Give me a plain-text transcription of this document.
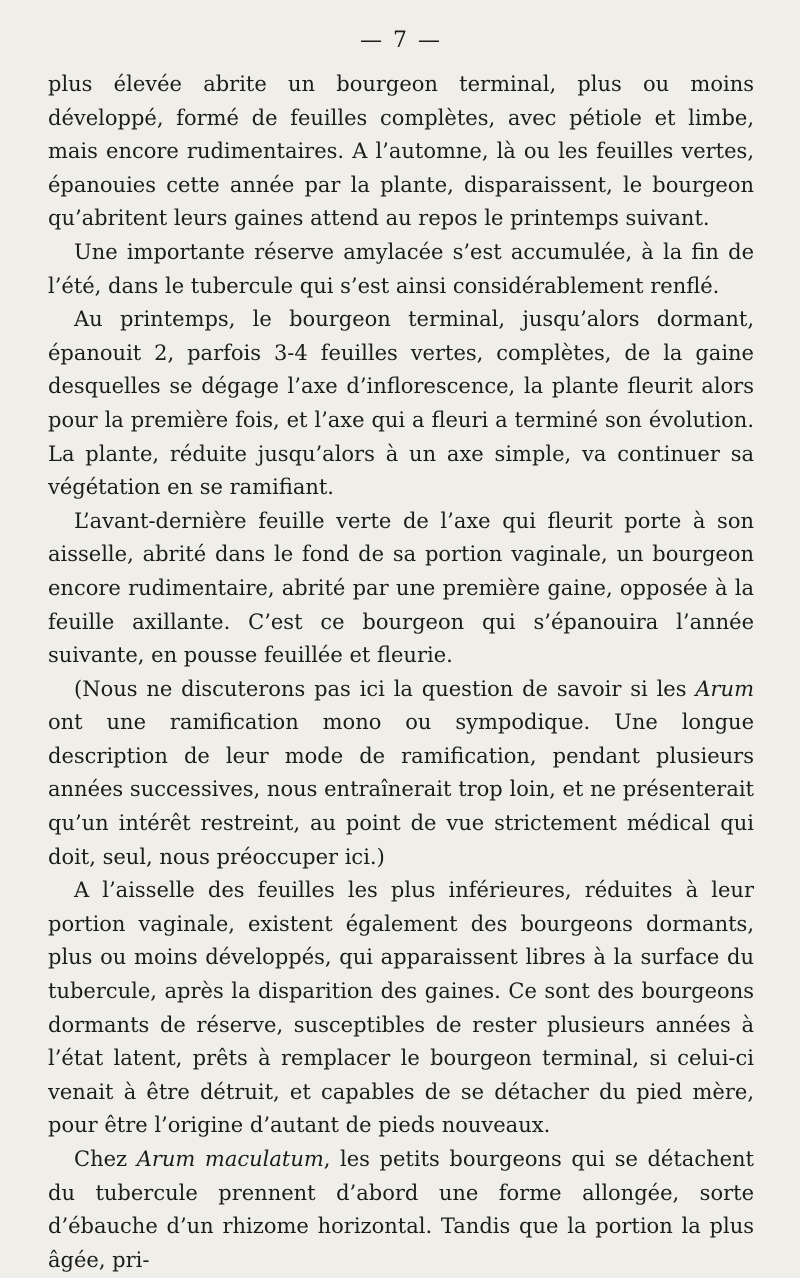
— 7 —

plus élevée abrite un bourgeon terminal, plus ou moins développé, formé de feuilles complètes, avec pétiole et limbe, mais encore rudimentaires. A l’automne, là ou les feuilles vertes, épanouies cette année par la plante, disparaissent, le bourgeon qu’abritent leurs gaines attend au repos le printemps suivant.

Une importante réserve amylacée s’est accumulée, à la fin de l’été, dans le tubercule qui s’est ainsi considérablement renflé.

Au printemps, le bourgeon terminal, jusqu’alors dormant, épanouit 2, parfois 3-4 feuilles vertes, complètes, de la gaine desquelles se dégage l’axe d’inflorescence, la plante fleurit alors pour la première fois, et l’axe qui a fleuri a terminé son évolution. La plante, réduite jusqu’alors à un axe simple, va continuer sa végétation en se ramifiant.

L’avant-dernière feuille verte de l’axe qui fleurit porte à son aisselle, abrité dans le fond de sa portion vaginale, un bourgeon encore rudimentaire, abrité par une première gaine, opposée à la feuille axillante. C’est ce bourgeon qui s’épanouira l’année suivante, en pousse feuillée et fleurie.

(Nous ne discuterons pas ici la question de savoir si les Arum ont une ramification mono ou sympodique. Une longue description de leur mode de ramification, pendant plusieurs années successives, nous entraînerait trop loin, et ne présenterait qu’un intérêt restreint, au point de vue strictement médical qui doit, seul, nous préoccuper ici.)

A l’aisselle des feuilles les plus inférieures, réduites à leur portion vaginale, existent également des bourgeons dormants, plus ou moins développés, qui apparaissent libres à la surface du tubercule, après la disparition des gaines. Ce sont des bourgeons dormants de réserve, susceptibles de rester plusieurs années à l’état latent, prêts à remplacer le bourgeon terminal, si celui-ci venait à être détruit, et capables de se détacher du pied mère, pour être l’origine d’autant de pieds nouveaux.

Chez Arum maculatum, les petits bourgeons qui se détachent du tubercule prennent d’abord une forme allongée, sorte d’ébauche d’un rhizome horizontal. Tandis que la portion la plus âgée, pri-
